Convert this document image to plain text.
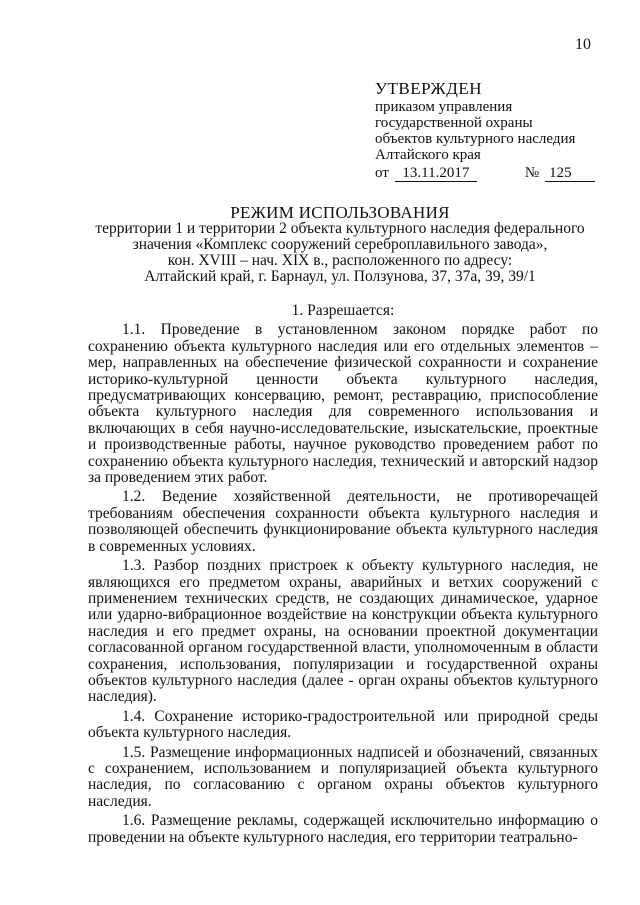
10
УТВЕРЖДЕН
приказом управления
государственной охраны
объектов культурного наследия
Алтайского края
от 13.11.2017	№ 125
РЕЖИМ ИСПОЛЬЗОВАНИЯ
территории 1 и территории 2 объекта культурного наследия федерального
значения «Комплекс сооружений сереброплавильного завода»,
кон. XVIII – нач. XIX в., расположенного по адресу:
Алтайский край, г. Барнаул, ул. Ползунова, 37, 37а, 39, 39/1
1. Разрешается:

1.1. Проведение в установленном законом порядке работ по сохранению объекта культурного наследия или его отдельных элементов – мер, направленных на обеспечение физической сохранности и сохранение историко-культурной ценности объекта культурного наследия, предусматривающих консервацию, ремонт, реставрацию, приспособление объекта культурного наследия для современного использования и включающих в себя научно-исследовательские, изыскательские, проектные и производственные работы, научное руководство проведением работ по сохранению объекта культурного наследия, технический и авторский надзор за проведением этих работ.

1.2. Ведение хозяйственной деятельности, не противоречащей требованиям обеспечения сохранности объекта культурного наследия и позволяющей обеспечить функционирование объекта культурного наследия в современных условиях.

1.3. Разбор поздних пристроек к объекту культурного наследия, не являющихся его предметом охраны, аварийных и ветхих сооружений с применением технических средств, не создающих динамическое, ударное или ударно-вибрационное воздействие на конструкции объекта культурного наследия и его предмет охраны, на основании проектной документации согласованной органом государственной власти, уполномоченным в области сохранения, использования, популяризации и государственной охраны объектов культурного наследия (далее - орган охраны объектов культурного наследия).

1.4. Сохранение историко-градостроительной или природной среды объекта культурного наследия.

1.5. Размещение информационных надписей и обозначений, связанных с сохранением, использованием и популяризацией объекта культурного наследия, по согласованию с органом охраны объектов культурного наследия.

1.6. Размещение рекламы, содержащей исключительно информацию о проведении на объекте культурного наследия, его территории театрально-
